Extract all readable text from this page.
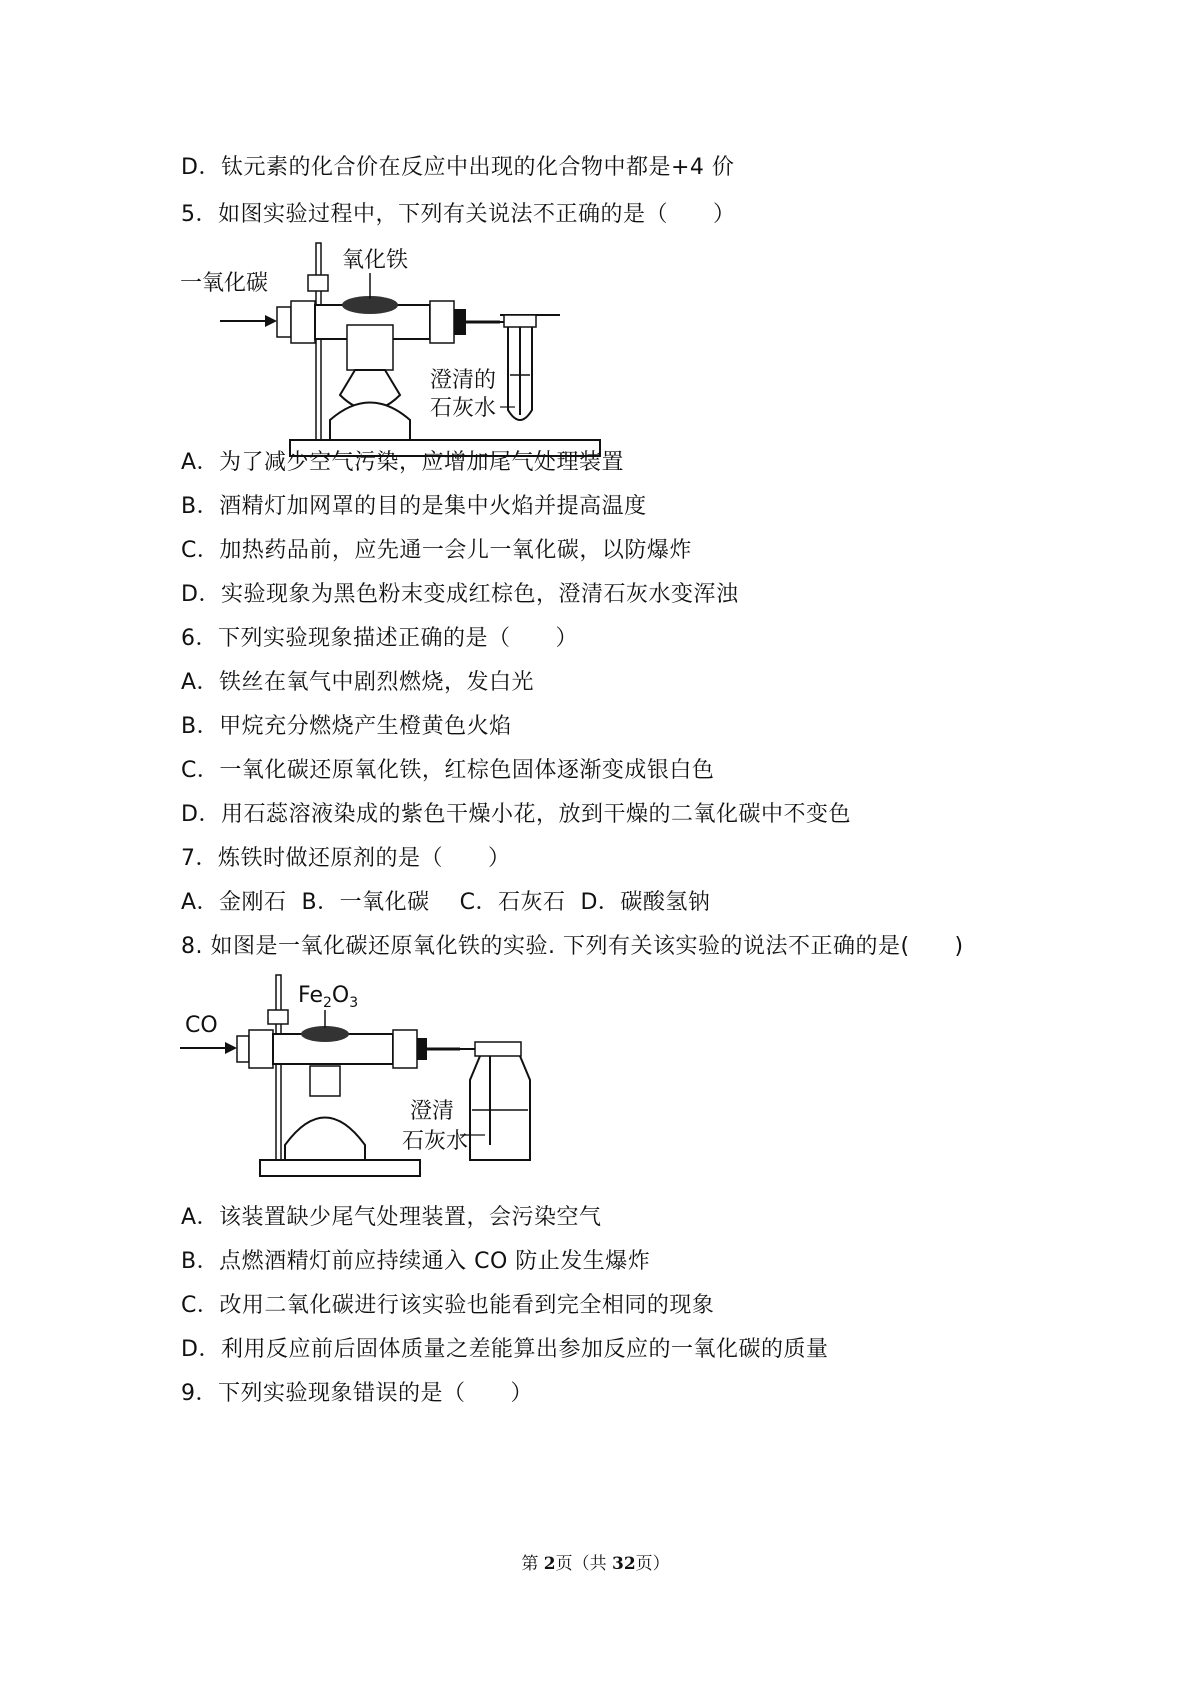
D．钛元素的化合价在反应中出现的化合物中都是+4 价
5．如图实验过程中，下列有关说法不正确的是（　　）
一氧化碳
氧化铁
澄清的
石灰水
A．为了减少空气污染，应增加尾气处理装置
B．酒精灯加网罩的目的是集中火焰并提高温度
C．加热药品前，应先通一会儿一氧化碳，以防爆炸
D．实验现象为黑色粉末变成红棕色，澄清石灰水变浑浊
6．下列实验现象描述正确的是（　　）
A．铁丝在氧气中剧烈燃烧，发白光
B．甲烷充分燃烧产生橙黄色火焰
C．一氧化碳还原氧化铁，红棕色固体逐渐变成银白色
D．用石蕊溶液染成的紫色干燥小花，放到干燥的二氧化碳中不变色
7．炼铁时做还原剂的是（　　）
A．金刚石  B．一氧化碳    C．石灰石  D．碳酸氢钠
8. 如图是一氧化碳还原氧化铁的实验. 下列有关该实验的说法不正确的是(　　)
CO
$Fe_2O_3$
澄清
石灰水
A．该装置缺少尾气处理装置，会污染空气
B．点燃酒精灯前应持续通入 CO 防止发生爆炸
C．改用二氧化碳进行该实验也能看到完全相同的现象
D．利用反应前后固体质量之差能算出参加反应的一氧化碳的质量
9．下列实验现象错误的是（　　）
第 2页（共 32页）
